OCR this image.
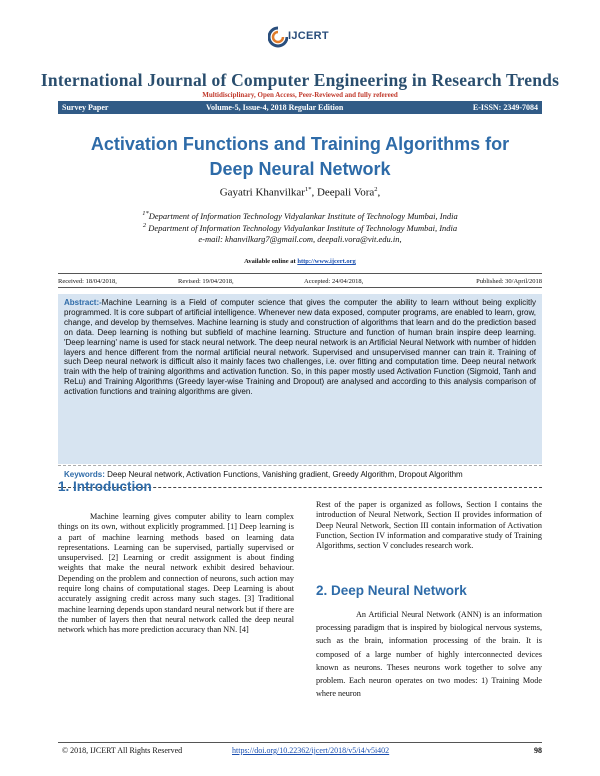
IJCERT
International Journal of Computer Engineering in Research Trends
Multidisciplinary, Open Access, Peer-Reviewed and fully refereed
Survey Paper	Volume-5, Issue-4, 2018 Regular Edition	E-ISSN: 2349-7084
Activation Functions and Training Algorithms for
Deep Neural Network
Gayatri Khanvilkar$^{1*}$, Deepali Vora$^2$,
$^{1*}$Department of Information Technology Vidyalankar Institute of Technology Mumbai, India
$^2$ Department of Information Technology Vidyalankar Institute of Technology Mumbai, India
e-mail: khanvilkarg7@gmail.com, deepali.vora@vit.edu.in,
Available online at http://www.ijcert.org
Received: 18/04/2018,	Revised: 19/04/2018,	Accepted: 24/04/2018,	Published: 30/April/2018
Abstract:-Machine Learning is a Field of computer science that gives the computer the ability to learn without being explicitly programmed. It is core subpart of artificial intelligence. Whenever new data exposed, computer programs, are enabled to learn, grow, change, and develop by themselves. Machine learning is study and construction of algorithms that learn and do the prediction based on data. Deep learning is nothing but subfield of machine learning. Structure and function of human brain inspire deep learning. 'Deep learning' name is used for stack neural network. The deep neural network is an Artificial Neural Network with number of hidden layers and hence different from the normal artificial neural network. Supervised and unsupervised manner can train it. Training of such Deep neural network is difficult also it mainly faces two challenges, i.e. over fitting and computation time. Deep neural network train with the help of training algorithms and activation function. So, in this paper mostly used Activation Function (Sigmoid, Tanh and ReLu) and Training Algorithms (Greedy layer-wise Training and Dropout) are analysed and according to this analysis comparison of activation functions and training algorithms are given.
Keywords: Deep Neural network, Activation Functions, Vanishing gradient, Greedy Algorithm, Dropout Algorithm
1. Introduction
Machine learning gives computer ability to learn complex things on its own, without explicitly programmed. [1] Deep learning is a part of machine learning methods based on learning data representations. Learning can be supervised, partially supervised or unsupervised. [2] Learning or credit assignment is about finding weights that make the neural network exhibit desired behaviour. Depending on the problem and connection of neurons, such action may require long chains of computational stages. Deep Learning is about accurately assigning credit across many such stages. [3] Traditional machine learning depends upon standard neural network but if there are the number of layers then that neural network called the deep neural network which has more prediction accuracy than NN. [4]
Rest of the paper is organized as follows, Section I contains the introduction of Neural Network, Section II provides information of Deep Neural Network, Section III contain information of Activation Function, Section IV information and comparative study of Training Algorithms, section V concludes research work.
2. Deep Neural Network
An Artificial Neural Network (ANN) is an information processing paradigm that is inspired by biological nervous systems, such as the brain, information processing of the brain. It is composed of a large number of highly interconnected devices known as neurons. Theses neurons work together to solve any problem. Each neuron operates on two modes: 1) Training Mode where neuron
© 2018, IJCERT All Rights Reserved	https://doi.org/10.22362/ijcert/2018/v5/i4/v5i402	98
